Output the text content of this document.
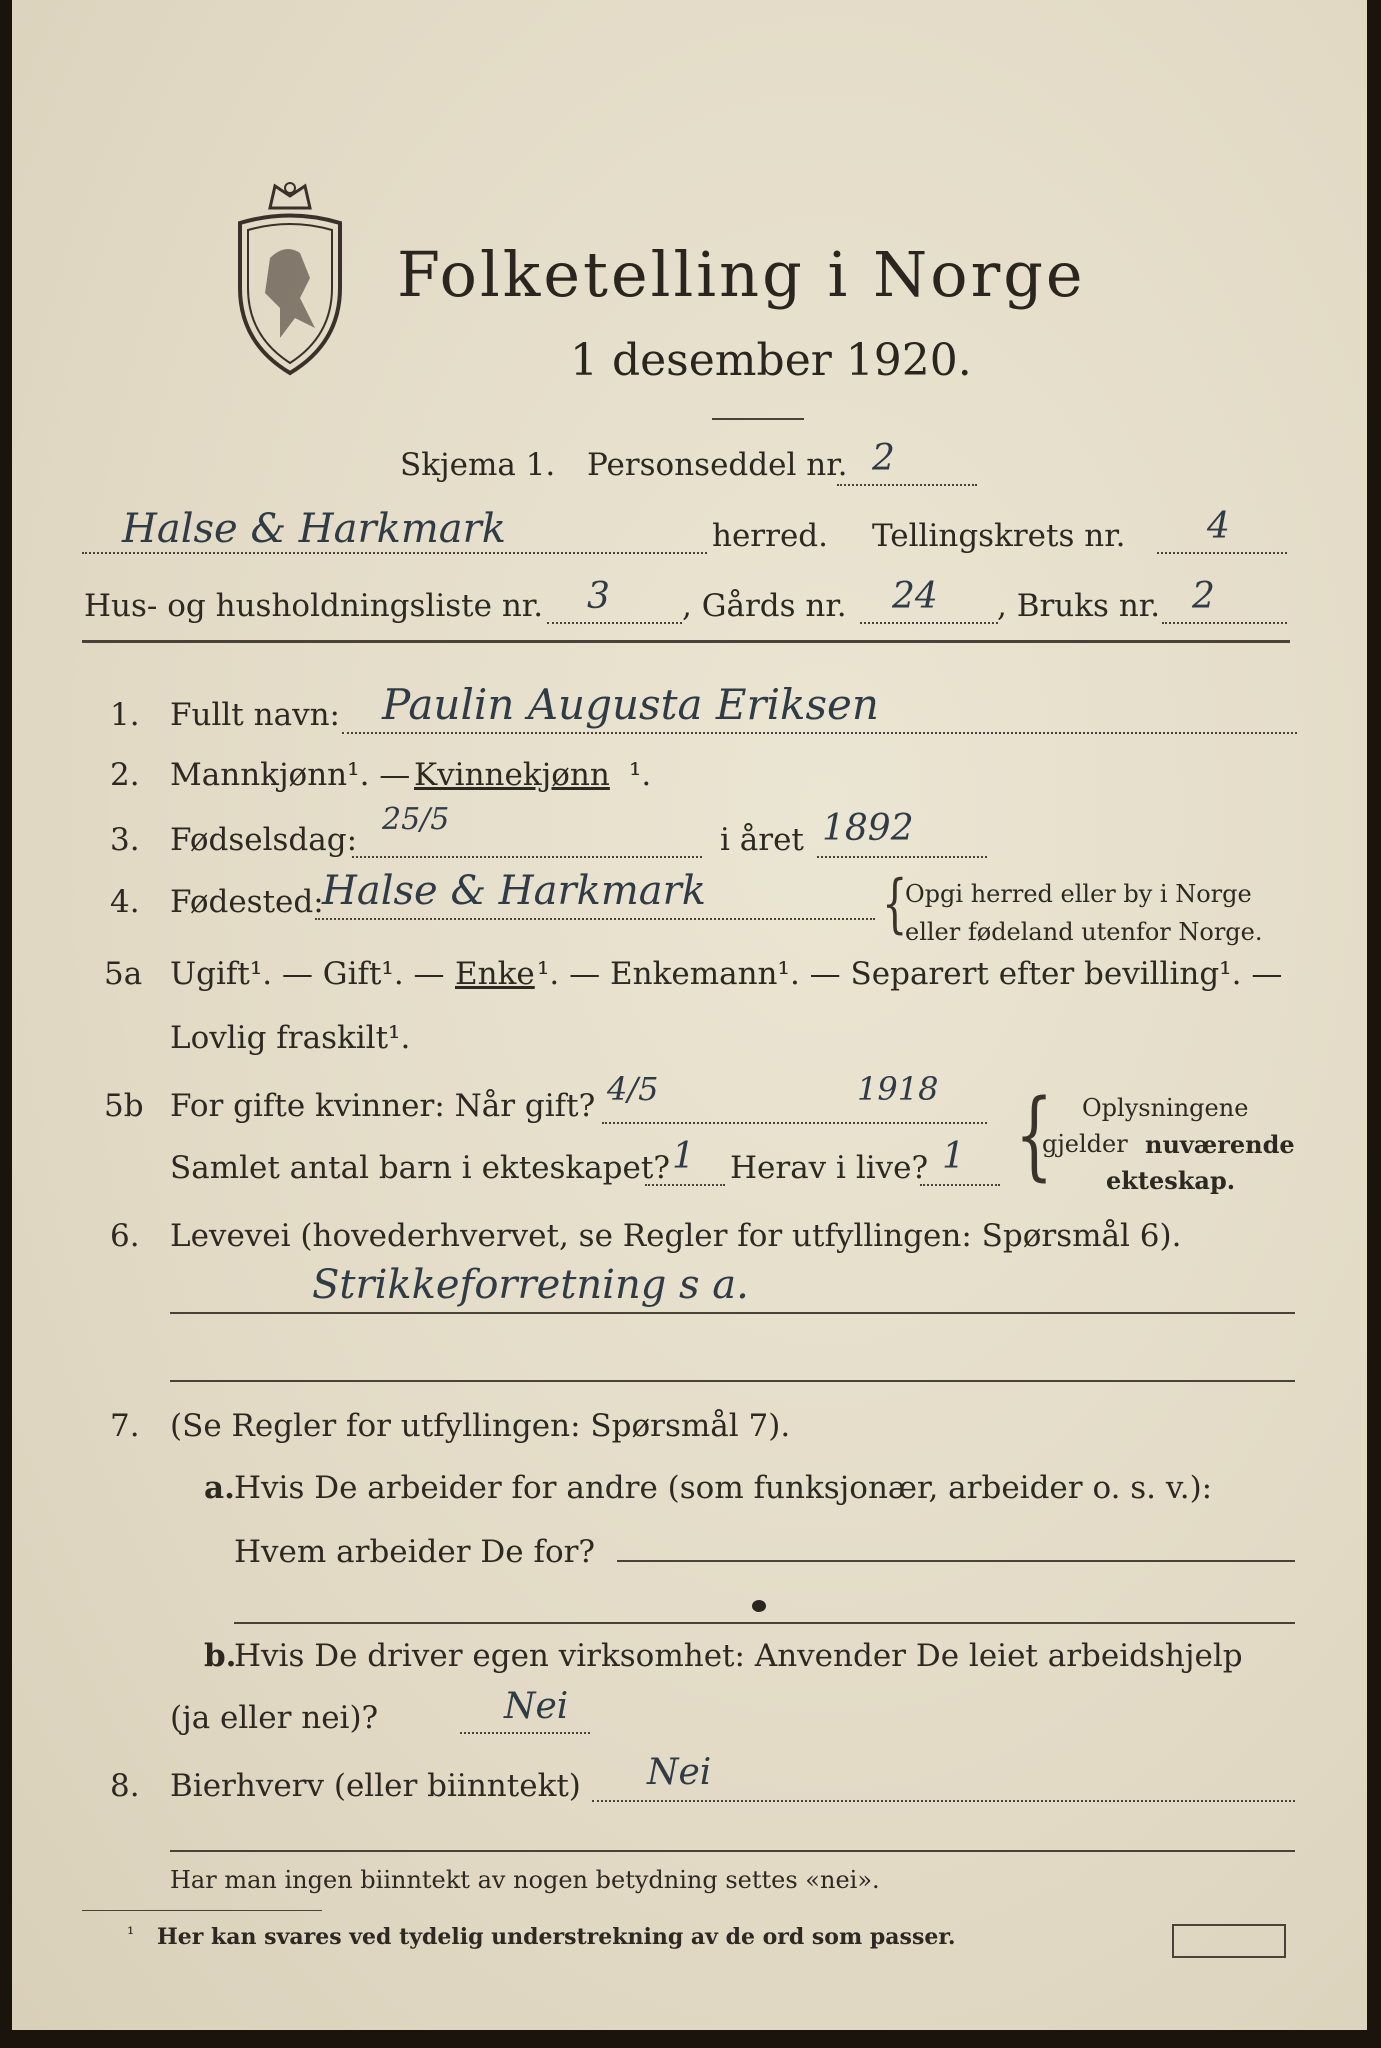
Folketelling i Norge
1 desember 1920.
Skjema 1. Personseddel nr. 2
Halse & Harkmark	herred. Tellingskrets nr. 4
Hus- og husholdningsliste nr. 3 , Gårds nr. 24 , Bruks nr. 2
1. Fullt navn: Paulin Augusta Eriksen
2. Mannkjønn¹. — Kvinnekjønn ¹.
3. Fødselsdag:
25/5
i året 1892
4. Fødested:
Halse & Harkmark	{
Opgi herred eller by i Norge
eller fødeland utenfor Norge.
5a Ugift¹. — Gift¹. — Enke ¹. — Enkemann¹. — Separert efter bevilling¹. —
Lovlig fraskilt¹.
5b For gifte kvinner: Når gift? 4/5	1918
Samlet antal barn i ekteskapet? 1 Herav i live? 1 { Oplysningene
gjelder nuværende
ekteskap.
6. Levevei (hovederhvervet, se Regler for utfyllingen: Spørsmål 6).
Strikkeforretning s a.
7. (Se Regler for utfyllingen: Spørsmål 7).
a. Hvis De arbeider for andre (som funksjonær, arbeider o. s. v.):
Hvem arbeider De for?
b.
Hvis De driver egen virksomhet: Anvender De leiet arbeidshjelp
(ja eller nei)?	Nei
8. Bierhverv (eller biinntekt) Nei
Har man ingen biinntekt av nogen betydning settes «nei».
¹ Her kan svares ved tydelig understrekning av de ord som passer.
